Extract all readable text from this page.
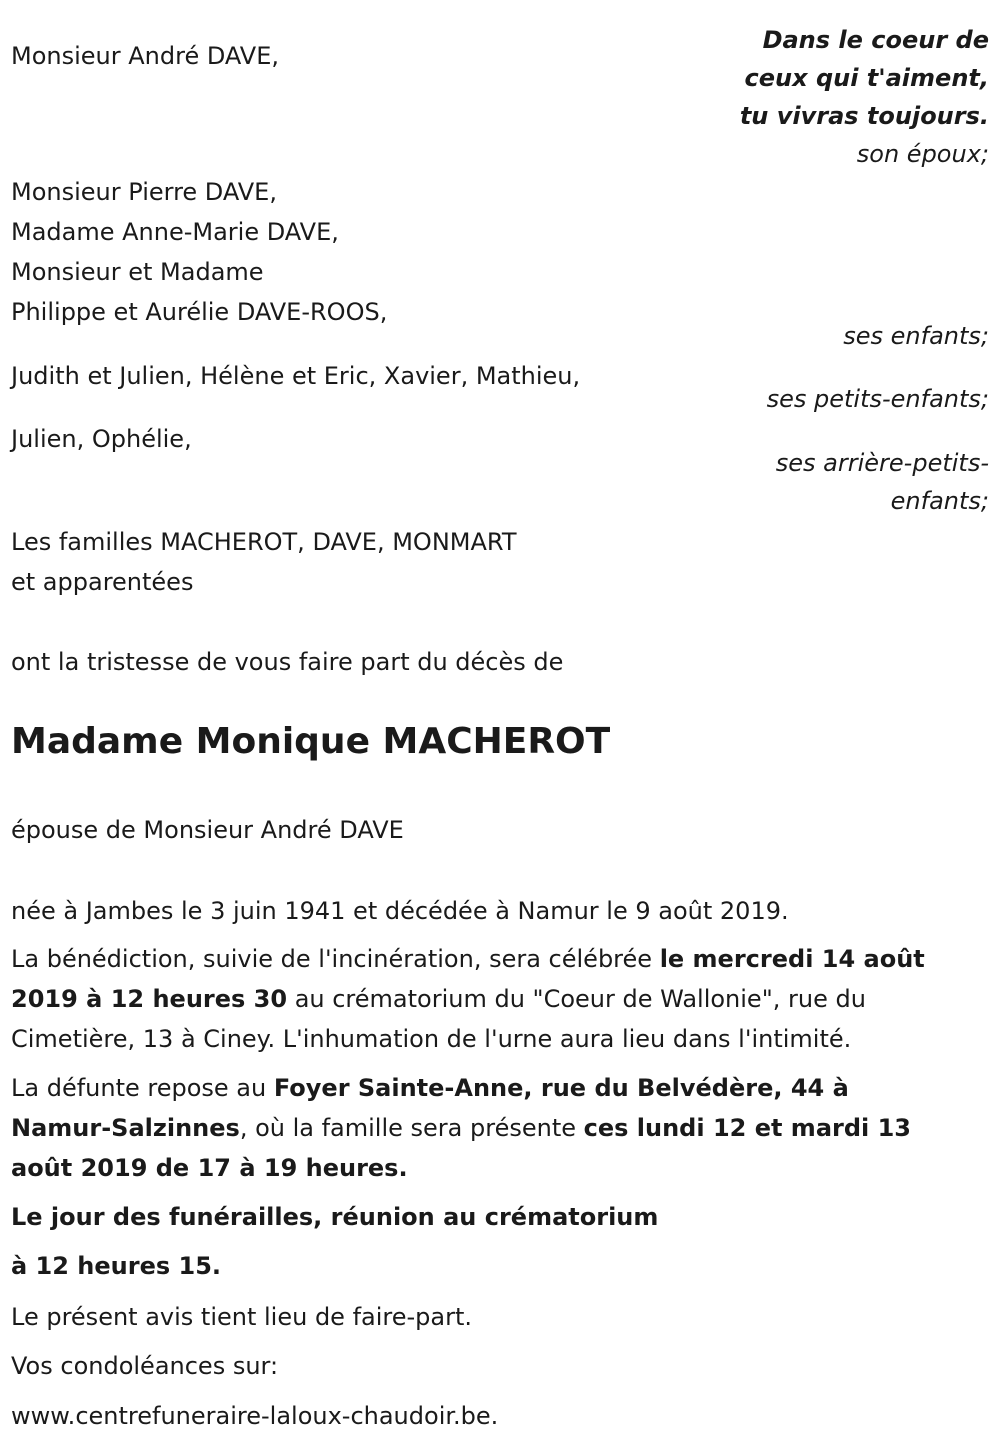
Monsieur André DAVE,
Monsieur Pierre DAVE,
Madame Anne-Marie DAVE,
Monsieur et Madame
Philippe et Aurélie DAVE-ROOS,
Judith et Julien, Hélène et Eric, Xavier, Mathieu,
Julien, Ophélie,
Les familles MACHEROT, DAVE, MONMART
et apparentées
Dans le coeur de
ceux qui t'aiment,
tu vivras toujours.
son époux;
ses enfants;
ses petits-enfants;
ses arrière-petits-
enfants;
ont la tristesse de vous faire part du décès de
Madame Monique MACHEROT
épouse de Monsieur André DAVE
née à Jambes le 3 juin 1941 et décédée à Namur le 9 août 2019.
La bénédiction, suivie de l'incinération, sera célébrée le mercredi 14 août
2019 à 12 heures 30 au crématorium du "Coeur de Wallonie", rue du
Cimetière, 13 à Ciney. L'inhumation de l'urne aura lieu dans l'intimité.
La défunte repose au Foyer Sainte-Anne, rue du Belvédère, 44 à
Namur-Salzinnes, où la famille sera présente ces lundi 12 et mardi 13
août 2019 de 17 à 19 heures.
Le jour des funérailles, réunion au crématorium
à 12 heures 15.
Le présent avis tient lieu de faire-part.
Vos condoléances sur:
www.centrefuneraire-laloux-chaudoir.be.
